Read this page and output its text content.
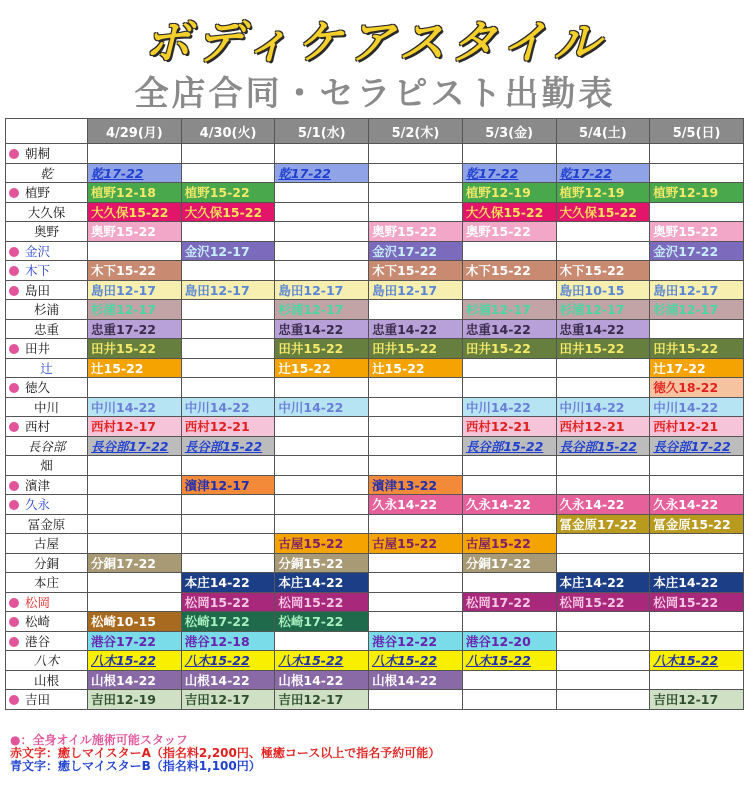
ボディケアスタイル
全店合同・セラピスト出勤表
	4/29(月)	4/30(火)	5/1(水)	5/2(木)	5/3(金)	5/4(土)	5/5(日)
朝桐							
乾	乾17-22		乾17-22		乾17-22	乾17-22	
植野	植野12-18	植野15-22			植野12-19	植野12-19	植野12-19
大久保	大久保15-22	大久保15-22			大久保15-22	大久保15-22	
奥野	奥野15-22			奥野15-22	奥野15-22		奥野15-22
金沢		金沢12-17		金沢17-22			金沢17-22
木下	木下15-22			木下15-22	木下15-22	木下15-22	
島田	島田12-17	島田12-17	島田12-17	島田12-17		島田10-15	島田12-17
杉浦	杉浦12-17		杉浦12-17		杉浦12-17	杉浦12-17	杉浦12-17
忠重	忠重17-22		忠重14-22	忠重14-22	忠重14-22	忠重14-22	
田井	田井15-22		田井15-22	田井15-22	田井15-22	田井15-22	田井15-22
辻	辻15-22		辻15-22	辻15-22			辻17-22
徳久							徳久18-22
中川	中川14-22	中川14-22	中川14-22		中川14-22	中川14-22	中川14-22
西村	西村12-17	西村12-21			西村12-21	西村12-21	西村12-21
長谷部	長谷部17-22	長谷部15-22			長谷部15-22	長谷部15-22	長谷部17-22
畑							
濱津		濱津12-17		濱津13-22			
久永				久永14-22	久永14-22	久永14-22	久永14-22
冨金原						冨金原17-22	冨金原15-22
古屋			古屋15-22	古屋15-22	古屋15-22		
分銅	分銅17-22		分銅15-22		分銅17-22		
本庄		本庄14-22	本庄14-22			本庄14-22	本庄14-22
松岡		松岡15-22	松岡15-22		松岡17-22	松岡15-22	松岡15-22
松崎	松崎10-15	松崎17-22	松崎17-22				
港谷	港谷17-22	港谷12-18		港谷12-22	港谷12-20		
八木	八木15-22	八木15-22	八木15-22	八木15-22	八木15-22		八木15-22
山根	山根14-22	山根14-22	山根14-22	山根14-22			
吉田	吉田12-19	吉田12-17	吉田12-17				吉田12-17
●：全身オイル施術可能スタッフ
赤文字：癒しマイスターA（指名料2,200円、極癒コース以上で指名予約可能）
青文字：癒しマイスターB（指名料1,100円）
